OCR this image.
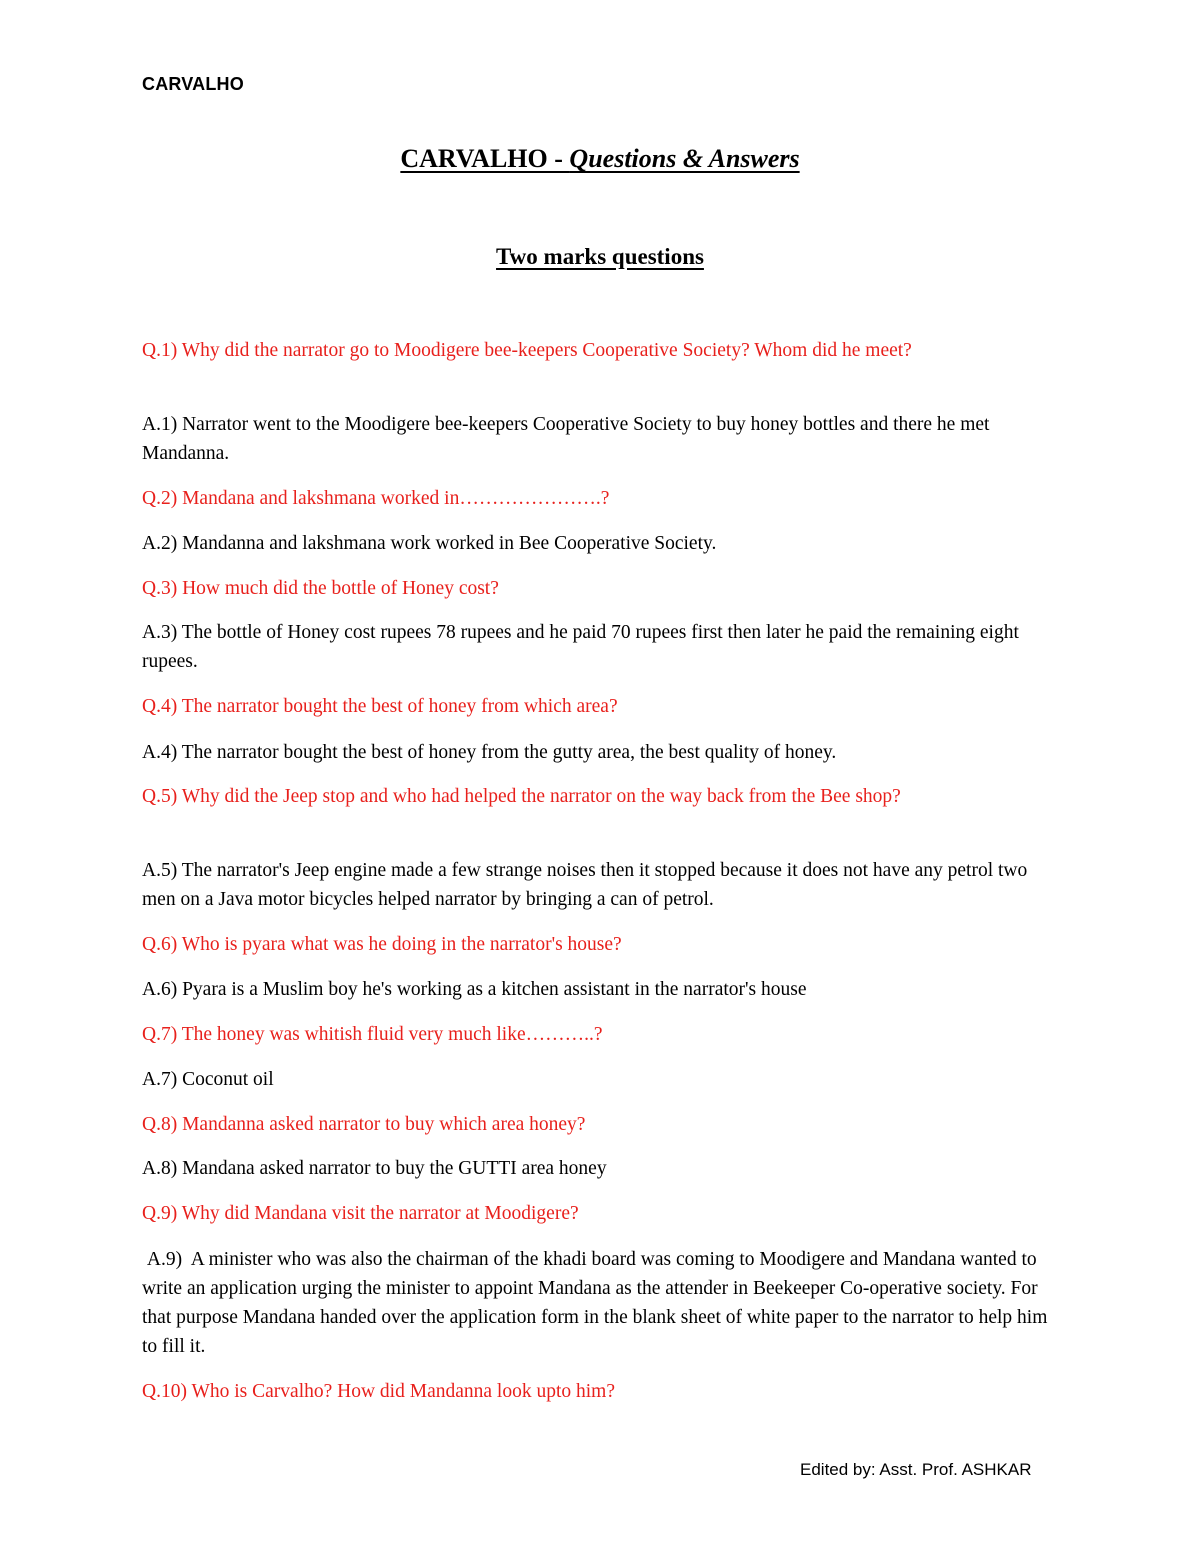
CARVALHO
CARVALHO - Questions & Answers
Two marks questions

Q.1) Why did the narrator go to Moodigere bee-keepers Cooperative Society? Whom did he meet?

A.1) Narrator went to the Moodigere bee-keepers Cooperative Society to buy honey bottles and there he met Mandanna.

Q.2) Mandana and lakshmana worked in………………….?

A.2) Mandanna and lakshmana work worked in Bee Cooperative Society.

Q.3) How much did the bottle of Honey cost?

A.3) The bottle of Honey cost rupees 78 rupees and he paid 70 rupees first then later he paid the remaining eight rupees.

Q.4) The narrator bought the best of honey from which area?

A.4) The narrator bought the best of honey from the gutty area, the best quality of honey.

Q.5) Why did the Jeep stop and who had helped the narrator on the way back from the Bee shop?

A.5) The narrator's Jeep engine made a few strange noises then it stopped because it does not have any petrol two men on a Java motor bicycles helped narrator by bringing a can of petrol.

Q.6) Who is pyara what was he doing in the narrator's house?

A.6) Pyara is a Muslim boy he's working as a kitchen assistant in the narrator's house

Q.7) The honey was whitish fluid very much like………..?

A.7) Coconut oil

Q.8) Mandanna asked narrator to buy which area honey?

A.8) Mandana asked narrator to buy the GUTTI area honey

Q.9) Why did Mandana visit the narrator at Moodigere?

A.9)  A minister who was also the chairman of the khadi board was coming to Moodigere and Mandana wanted to write an application urging the minister to appoint Mandana as the attender in Beekeeper Co-operative society. For that purpose Mandana handed over the application form in the blank sheet of white paper to the narrator to help him to fill it.

Q.10) Who is Carvalho? How did Mandanna look upto him?

Edited by: Asst. Prof. ASHKAR
